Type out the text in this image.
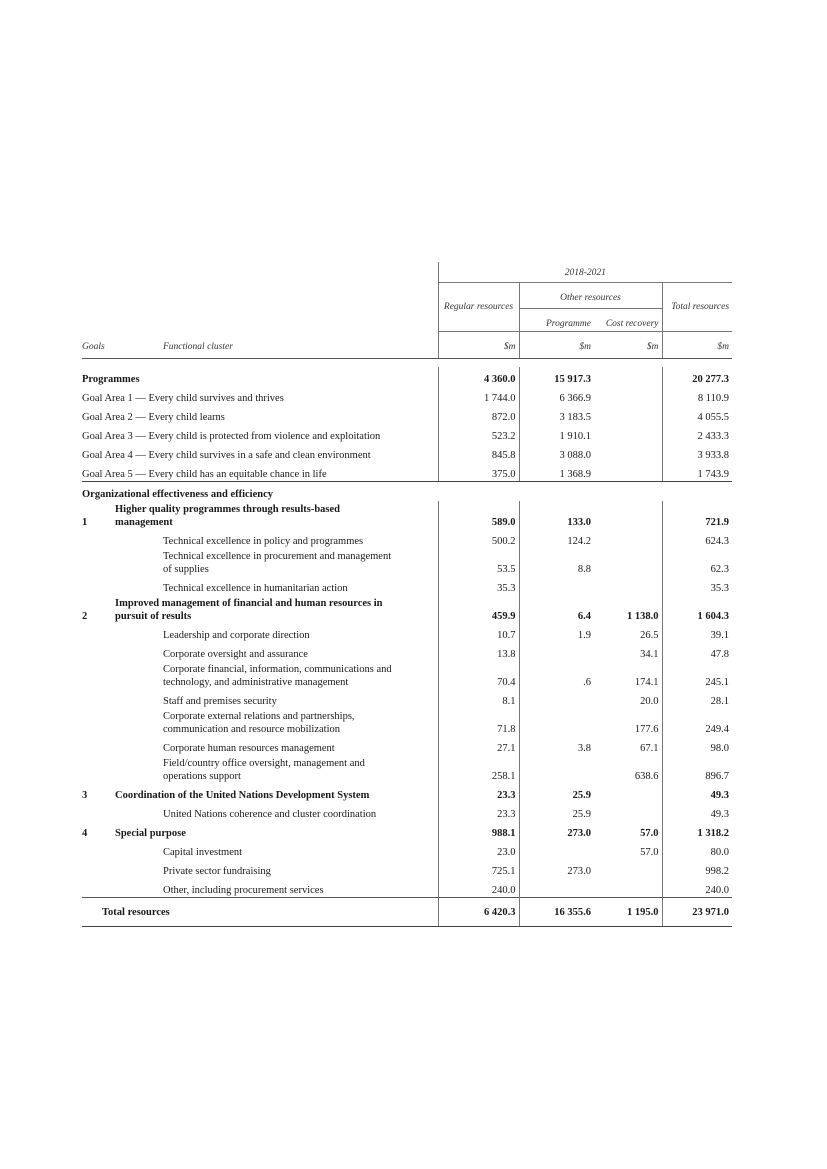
		2018-2021			
		Regular resources	Other resources		Total resources
			Programme	Cost recovery	
Goals	Functional cluster	$m	$m	$m	$m

Programmes		4 360.0	15 917.3		20 277.3
Goal Area 1 — Every child survives and thrives		1 744.0	6 366.9		8 110.9
Goal Area 2 — Every child learns		872.0	3 183.5		4 055.5
Goal Area 3 — Every child is protected from violence and exploitation		523.2	1 910.1		2 433.3
Goal Area 4 — Every child survives in a safe and clean environment		845.8	3 088.0		3 933.8
Goal Area 5 — Every child has an equitable chance in life		375.0	1 368.9		1 743.9
Organizational effectiveness and efficiency					
1	Higher quality programmes through results-based
management	589.0	133.0		721.9

	Technical excellence in policy and programmes	500.2	124.2		624.3

	Technical excellence in procurement and management
of supplies	53.5	8.8		62.3

	Technical excellence in humanitarian action	35.3			35.3
2	Improved management of financial and human resources in
pursuit of results	459.9	6.4	1 138.0	1 604.3

	Leadership and corporate direction	10.7	1.9	26.5	39.1

	Corporate oversight and assurance	13.8		34.1	47.8

	Corporate financial, information, communications and
technology, and administrative management	70.4	.6	174.1	245.1

	Staff and premises security	8.1		20.0	28.1

	Corporate external relations and partnerships,
communication and resource mobilization	71.8		177.6	249.4

	Corporate human resources management	27.1	3.8	67.1	98.0

	Field/country office oversight, management and
operations support	258.1		638.6	896.7
3	Coordination of the United Nations Development System	23.3	25.9		49.3

	United Nations coherence and cluster coordination	23.3	25.9		49.3
4	Special purpose	988.1	273.0	57.0	1 318.2

	Capital investment	23.0		57.0	80.0

	Private sector fundraising	725.1	273.0		998.2

	Other, including procurement services	240.0			240.0
Total resources		6 420.3	16 355.6	1 195.0	23 971.0
